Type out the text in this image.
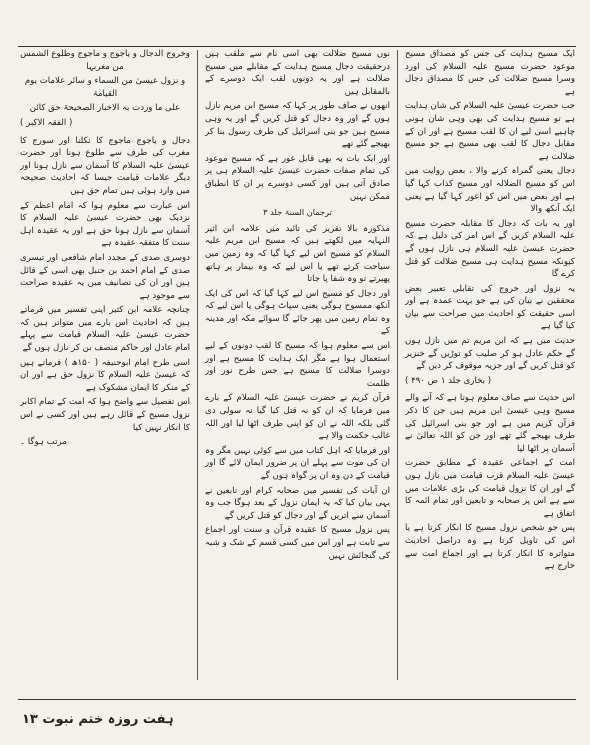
ایک مسیح ہدایت کی جس کو مصداق مسیح موعود حضرت مسیح علیہ السلام کی اورد وسرا مسیح ضلالت کی جس کا مصداق دجال ہے

جب حضرت عیسیٰ علیہ السلام کی شان ہدایت ہے تو مسیح ہدایت کی بھی وہی شان ہونی چاہیے اسی لیے ان کا لقب مسیح ہے اور ان کے مقابل دجال کا لقب بھی مسیح ہے جو مسیح ضلالت ہے

دجال یعنی گمراہ کرنے والا ، بعض روایت میں اس کو مسیح الضلالہ اور مسیح کذاب کہا گیا ہے اور بعض میں اس کو اعور کہا گیا ہے یعنی ایک آنکھ والا

اور یہ بات کہ دجال کا مقابلہ حضرت مسیح علیہ السلام کریں گے اس امر کی دلیل ہے کہ حضرت عیسیٰ علیہ السلام ہی نازل ہوں گے کیونکہ مسیح ہدایت ہی مسیح ضلالت کو قتل کرے گا

یہ نزول اور خروج کی تقابلی تعبیر بعض محققین نے بیان کی ہے جو بہت عمدہ ہے اور اسی حقیقت کو احادیث میں صراحت سے بیان کیا گیا ہے

حدیث میں ہے کہ ابن مریم تم میں نازل ہوں گے حکم عادل ہو کر صلیب کو توڑیں گے خنزیر کو قتل کریں گے اور جزیہ موقوف کر دیں گے

( بخاری جلد ۱ ص ۴۹۰ )

اس حدیث سے صاف معلوم ہوتا ہے کہ آنے والے مسیح وہی عیسیٰ ابن مریم ہیں جن کا ذکر قرآن کریم میں ہے اور جو بنی اسرائیل کی طرف بھیجے گئے تھے اور جن کو اللہ تعالیٰ نے آسمان پر اٹھا لیا

امت کے اجماعی عقیدہ کے مطابق حضرت عیسیٰ علیہ السلام قرب قیامت میں نازل ہوں گے اور ان کا نزول قیامت کی بڑی علامات میں سے ہے اس پر صحابہ و تابعین اور تمام ائمہ کا اتفاق ہے

پس جو شخص نزول مسیح کا انکار کرتا ہے یا اس کی تاویل کرتا ہے وہ دراصل احادیث متواترہ کا انکار کرتا ہے اور اجماع امت سے خارج ہے

نوں مسیح ضلالت بھی اسی نام سے ملقب ہیں درحقیقت دجال مسیح ہدایت کے مقابلے میں مسیح ضلالت ہے اور یہ دونوں لقب ایک دوسرے کے بالمقابل ہیں

انھوں نے صاف طور پر کہا کہ مسیح ابن مریم نازل ہوں گے اور وہ دجال کو قتل کریں گے اور یہ وہی مسیح ہیں جو بنی اسرائیل کی طرف رسول بنا کر بھیجے گئے تھے

اور ایک بات یہ بھی قابل غور ہے کہ مسیح موعود کی تمام صفات حضرت عیسیٰ علیہ السلام ہی پر صادق آتی ہیں اور کسی دوسرے پر ان کا انطباق ممکن نہیں

ترجمان السنۃ جلد ۳

مذکورہ بالا تقریر کی تائید میں علامہ ابن اثیر النہایہ میں لکھتے ہیں کہ مسیح ابن مریم علیہ السلام کو مسیح اس لیے کہا گیا کہ وہ زمین میں سیاحت کرتے تھے یا اس لیے کہ وہ بیمار پر ہاتھ پھیرتے تو وہ شفا پا جاتا

اور دجال کو مسیح اس لیے کہا گیا کہ اس کی ایک آنکھ ممسوح ہوگی یعنی سپاٹ ہوگی یا اس لیے کہ وہ تمام زمین میں پھر جائے گا سوائے مکہ اور مدینہ کے

اس سے معلوم ہوا کہ مسیح کا لقب دونوں کے لیے استعمال ہوا ہے مگر ایک ہدایت کا مسیح ہے اور دوسرا ضلالت کا مسیح ہے جس طرح نور اور ظلمت

قرآن کریم نے حضرت عیسیٰ علیہ السلام کے بارے میں فرمایا کہ ان کو نہ قتل کیا گیا نہ سولی دی گئی بلکہ اللہ نے ان کو اپنی طرف اٹھا لیا اور اللہ غالب حکمت والا ہے

اور فرمایا کہ اہل کتاب میں سے کوئی نہیں مگر وہ ان کی موت سے پہلے ان پر ضرور ایمان لائے گا اور قیامت کے دن وہ ان پر گواہ ہوں گے

ان آیات کی تفسیر میں صحابہ کرام اور تابعین نے یہی بیان کیا کہ یہ ایمان نزول کے بعد ہوگا جب وہ آسمان سے اتریں گے اور دجال کو قتل کریں گے

پس نزول مسیح کا عقیدہ قرآن و سنت اور اجماع سے ثابت ہے اور اس میں کسی قسم کے شک و شبہ کی گنجائش نہیں

وخروج الدجال و یاجوج و ماجوج وطلوع الشمس من مغربہا

و نزول عیسیٰ من السماء و سائر علامات یوم القیامۃ

علی ما وردت بہ الاخبار الصحیحۃ حق کائن

( الفقہ الاکبر )

دجال و یاجوج ماجوج کا نکلنا اور سورج کا مغرب کی طرف سے طلوع ہونا اور حضرت عیسیٰ علیہ السلام کا آسمان سے نازل ہونا اور دیگر علامات قیامت جیسا کہ احادیث صحیحہ میں وارد ہوئی ہیں تمام حق ہیں

اس عبارت سے معلوم ہوا کہ امام اعظم کے نزدیک بھی حضرت عیسیٰ علیہ السلام کا آسمان سے نازل ہونا حق ہے اور یہ عقیدہ اہل سنت کا متفقہ عقیدہ ہے

دوسری صدی کے مجدد امام شافعی اور تیسری صدی کے امام احمد بن حنبل بھی اسی کے قائل ہیں اور ان کی تصانیف میں یہ عقیدہ صراحت سے موجود ہے

چنانچہ علامہ ابن کثیر اپنی تفسیر میں فرماتے ہیں کہ احادیث اس بارے میں متواتر ہیں کہ حضرت عیسیٰ علیہ السلام قیامت سے پہلے امام عادل اور حاکم منصف بن کر نازل ہوں گے

اسی طرح امام ابوحنیفہ ( ۱۵۰ھ ) فرماتے ہیں کہ عیسیٰ علیہ السلام کا نزول حق ہے اور ان کے منکر کا ایمان مشکوک ہے

اس تفصیل سے واضح ہوا کہ امت کے تمام اکابر نزول مسیح کے قائل رہے ہیں اور کسی نے اس کا انکار نہیں کیا

مرتب ہوگا ۔

ہفت روزہ ختم نبوت ۱۳
